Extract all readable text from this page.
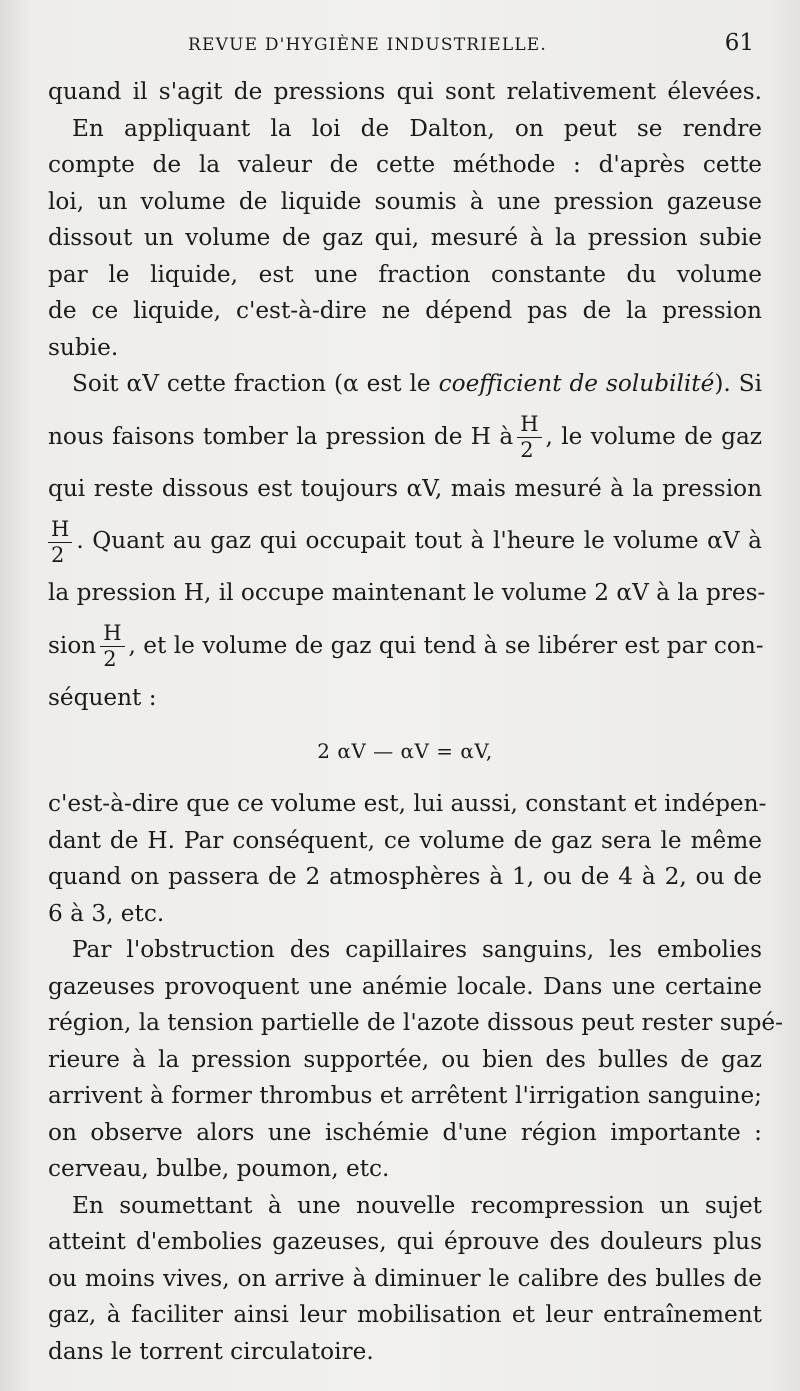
REVUE D'HYGIÈNE INDUSTRIELLE.	61
quand il s'agit de pressions qui sont relativement élevées.
En appliquant la loi de Dalton, on peut se rendre
compte de la valeur de cette méthode : d'après cette
loi, un volume de liquide soumis à une pression gazeuse
dissout un volume de gaz qui, mesuré à la pression subie
par le liquide, est une fraction constante du volume
de ce liquide, c'est-à-dire ne dépend pas de la pression
subie.
Soit αV cette fraction (α est le coefficient de solubilité). Si
nous faisons tomber la pression de H à $\frac{H}{2}$ , le volume de gaz
qui reste dissous est toujours αV, mais mesuré à la pression
$\frac{H}{2}$ . Quant au gaz qui occupait tout à l'heure le volume αV à
la pression H, il occupe maintenant le volume 2 αV à la pres-
sion $\frac{H}{2}$ , et le volume de gaz qui tend à se libérer est par con-
séquent :
2 αV — αV = αV,
c'est-à-dire que ce volume est, lui aussi, constant et indépen-
dant de H. Par conséquent, ce volume de gaz sera le même
quand on passera de 2 atmosphères à 1, ou de 4 à 2, ou de
6 à 3, etc.
Par l'obstruction des capillaires sanguins, les embolies
gazeuses provoquent une anémie locale. Dans une certaine
région, la tension partielle de l'azote dissous peut rester supé-
rieure à la pression supportée, ou bien des bulles de gaz
arrivent à former thrombus et arrêtent l'irrigation sanguine;
on observe alors une ischémie d'une région importante :
cerveau, bulbe, poumon, etc.
En soumettant à une nouvelle recompression un sujet
atteint d'embolies gazeuses, qui éprouve des douleurs plus
ou moins vives, on arrive à diminuer le calibre des bulles de
gaz, à faciliter ainsi leur mobilisation et leur entraînement
dans le torrent circulatoire.
